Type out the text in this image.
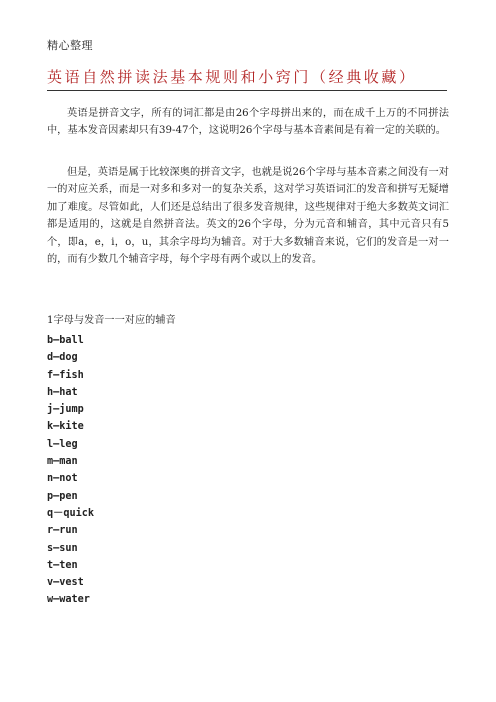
精心整理
英语自然拼读法基本规则和小窍门（经典收藏）

英语是拼音文字，所有的词汇都是由26个字母拼出来的，而在成千上万的不同拼法中，基本发音因素却只有39-47个，这说明26个字母与基本音素间是有着一定的关联的。

但是，英语是属于比较深奥的拼音文字，也就是说26个字母与基本音素之间没有一对一的对应关系，而是一对多和多对一的复杂关系，这对学习英语词汇的发音和拼写无疑增加了难度。尽管如此，人们还是总结出了很多发音规律，这些规律对于绝大多数英文词汇都是适用的，这就是自然拼音法。英文的26个字母，分为元音和辅音，其中元音只有5个，即a，e，i，o，u，其余字母均为辅音。对于大多数辅音来说，它们的发音是一对一的，而有少数几个辅音字母，每个字母有两个或以上的发音。

1字母与发音一一对应的辅音
b—ball
d—dog
f—fish
h—hat
j—jump
k—kite
l—leg
m—man
n—not
p—pen
q－quick
r—run
s—sun
t—ten
v—vest
w—water
